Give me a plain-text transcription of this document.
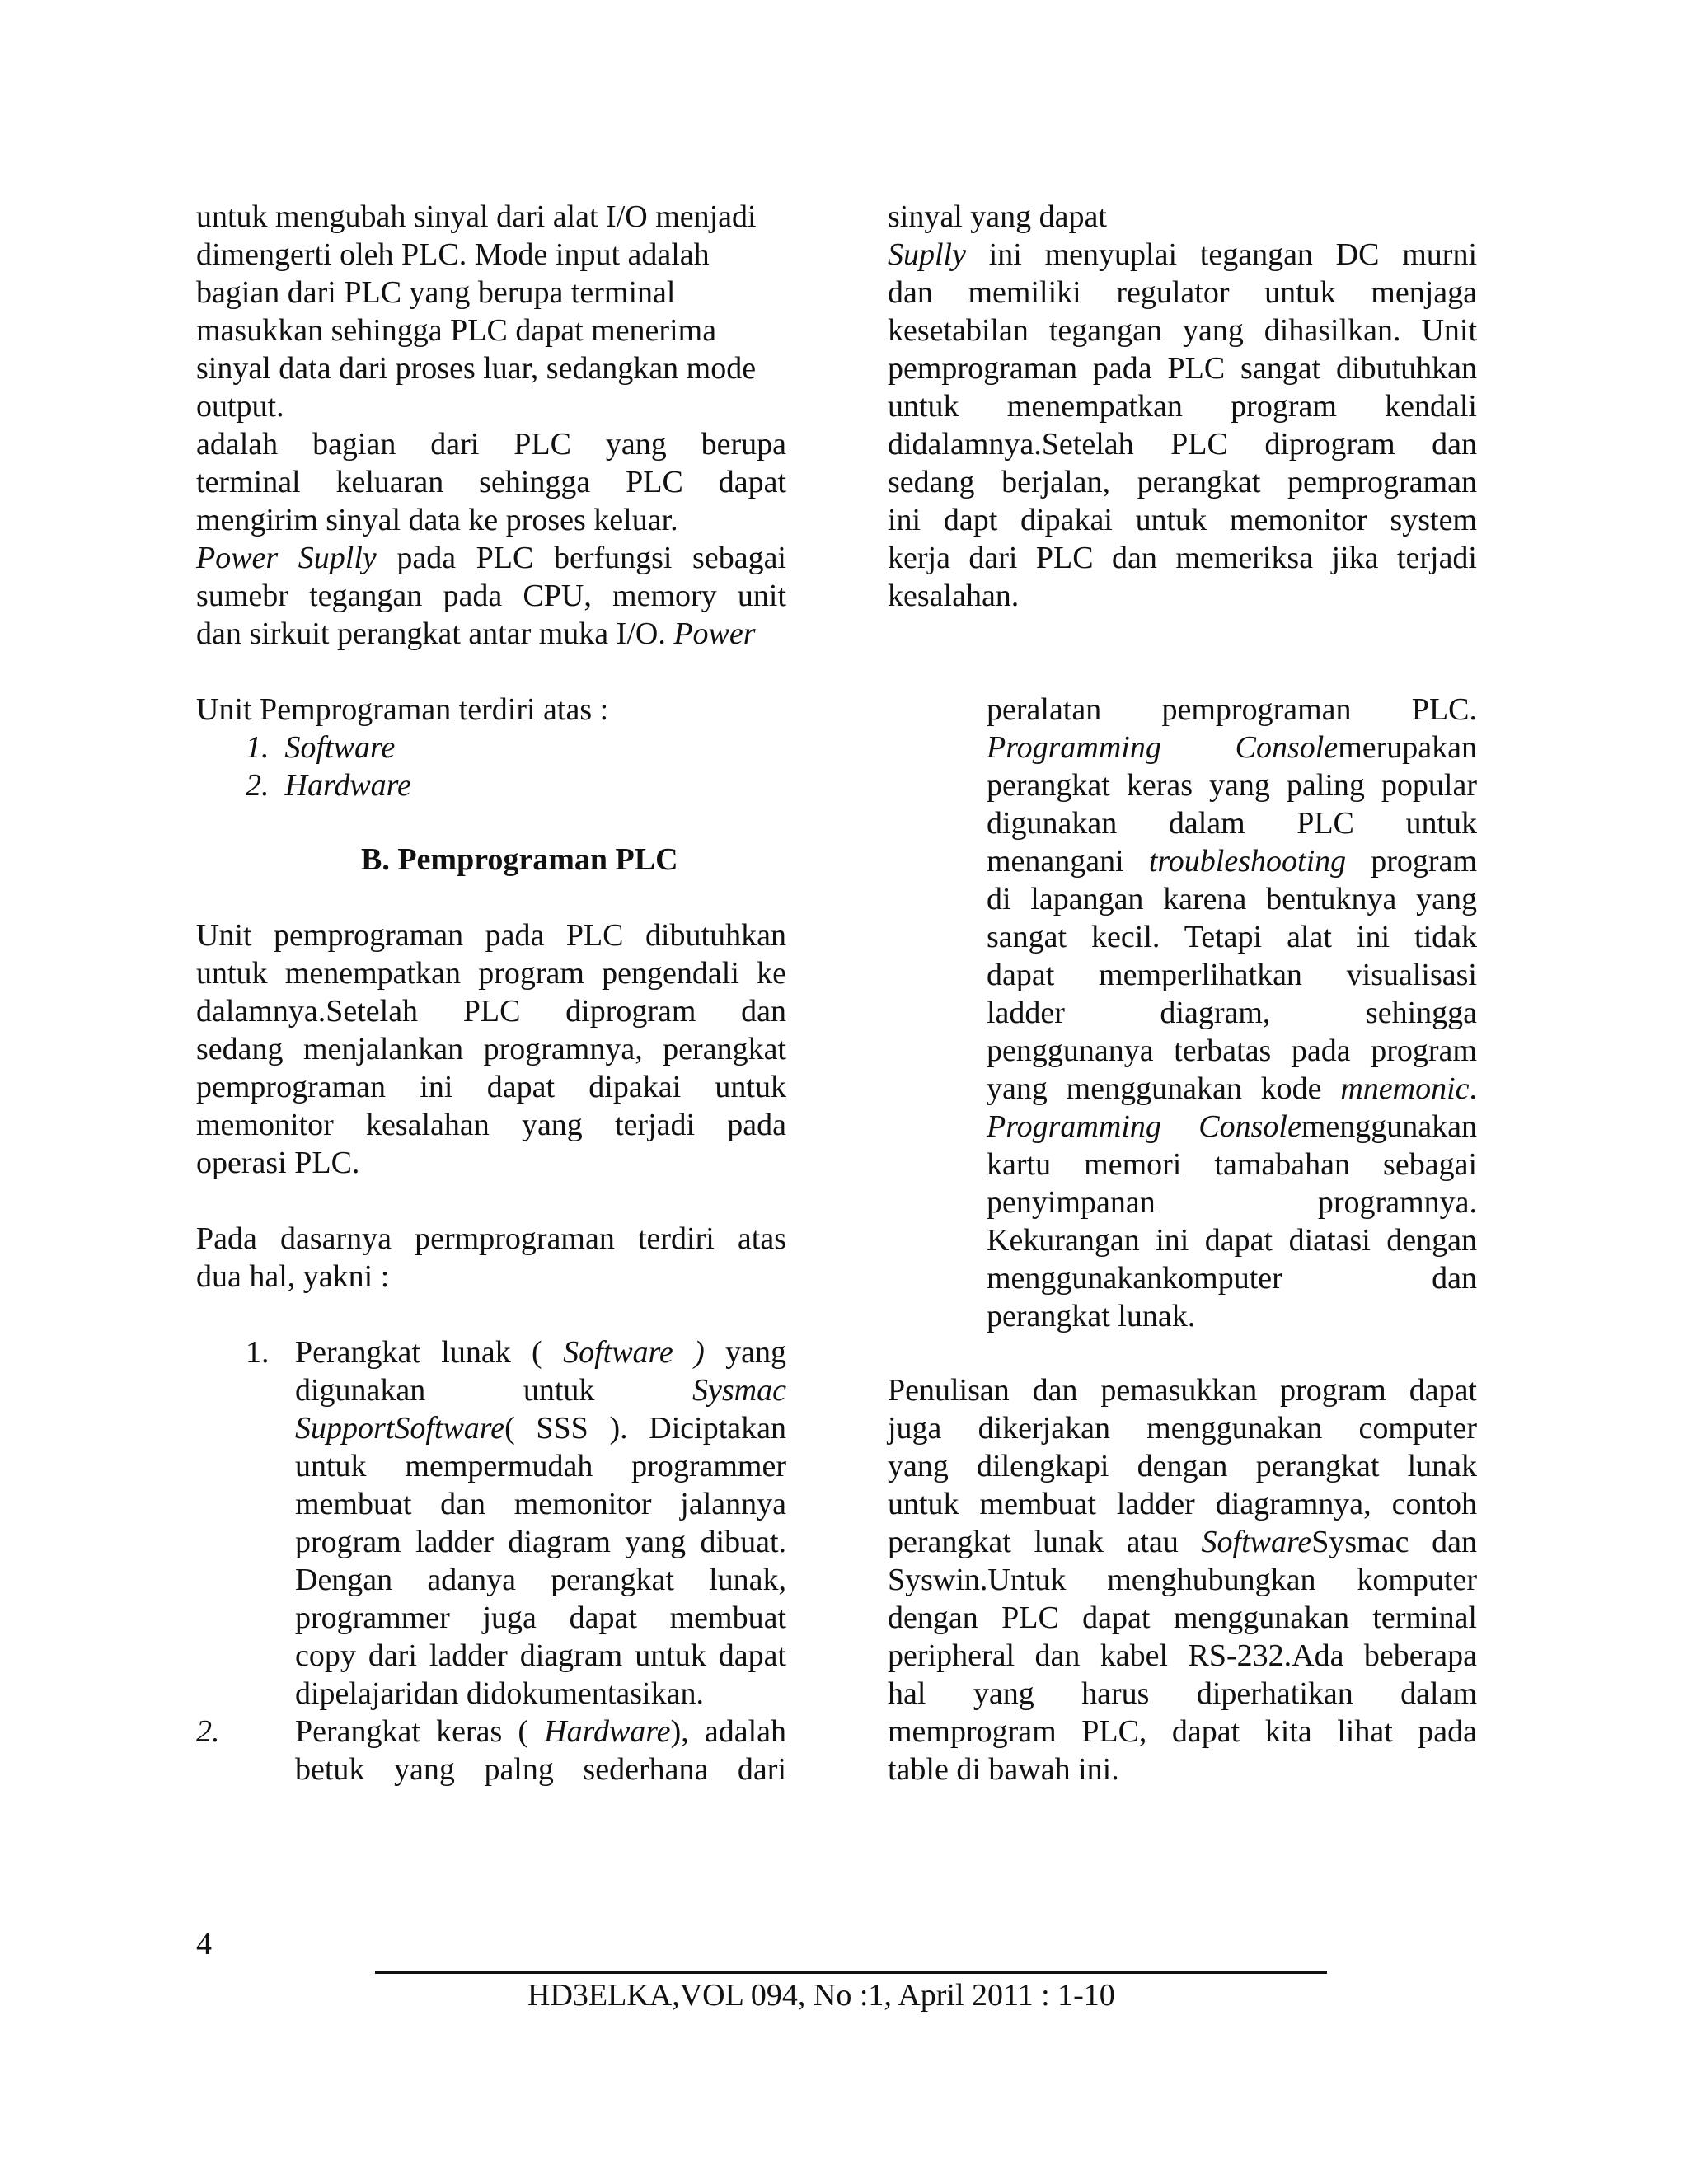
untuk mengubah sinyal dari alat I/O menjadi
dimengerti oleh PLC. Mode input adalah
bagian dari PLC yang berupa terminal
masukkan sehingga PLC dapat menerima
sinyal data dari proses luar, sedangkan mode
output.
adalah bagian dari PLC yang berupa
terminal keluaran sehingga PLC dapat
mengirim sinyal data ke proses keluar.
Power Suplly pada PLC berfungsi sebagai
sumebr tegangan pada CPU, memory unit
dan sirkuit perangkat antar muka I/O. Power
sinyal yang dapat
Suplly ini menyuplai tegangan DC murni
dan memiliki regulator untuk menjaga
kesetabilan tegangan yang dihasilkan. Unit
pemprograman pada PLC sangat dibutuhkan
untuk menempatkan program kendali
didalamnya.Setelah PLC diprogram dan
sedang berjalan, perangkat pemprograman
ini dapt dipakai untuk memonitor system
kerja dari PLC dan memeriksa jika terjadi
kesalahan.
Unit Pemprograman terdiri atas :
1. Software
2. Hardware
B. Pemprograman PLC
Unit pemprograman pada PLC dibutuhkan
untuk menempatkan program pengendali ke
dalamnya.Setelah PLC diprogram dan
sedang menjalankan programnya, perangkat
pemprograman ini dapat dipakai untuk
memonitor kesalahan yang terjadi pada
operasi PLC.
Pada dasarnya permprograman terdiri atas
dua hal, yakni :
1. Perangkat lunak ( Software ) yang
digunakan untuk Sysmac
SupportSoftware( SSS ). Diciptakan
untuk mempermudah programmer
membuat dan memonitor jalannya
program ladder diagram yang dibuat.
Dengan adanya perangkat lunak,
programmer juga dapat membuat
copy dari ladder diagram untuk dapat
dipelajaridan didokumentasikan.
2. Perangkat keras ( Hardware), adalah
betuk yang palng sederhana dari
peralatan pemprograman PLC.
Programming Consolemerupakan
perangkat keras yang paling popular
digunakan dalam PLC untuk
menangani troubleshooting program
di lapangan karena bentuknya yang
sangat kecil. Tetapi alat ini tidak
dapat memperlihatkan visualisasi
ladder diagram, sehingga
penggunanya terbatas pada program
yang menggunakan kode mnemonic.
Programming Consolemenggunakan
kartu memori tamabahan sebagai
penyimpanan programnya.
Kekurangan ini dapat diatasi dengan
menggunakankomputer dan
perangkat lunak.
Penulisan dan pemasukkan program dapat
juga dikerjakan menggunakan computer
yang dilengkapi dengan perangkat lunak
untuk membuat ladder diagramnya, contoh
perangkat lunak atau SoftwareSysmac dan
Syswin.Untuk menghubungkan komputer
dengan PLC dapat menggunakan terminal
peripheral dan kabel RS-232.Ada beberapa
hal yang harus diperhatikan dalam
memprogram PLC, dapat kita lihat pada
table di bawah ini.
4
HD3ELKA,VOL 094, No :1, April 2011 : 1-10
